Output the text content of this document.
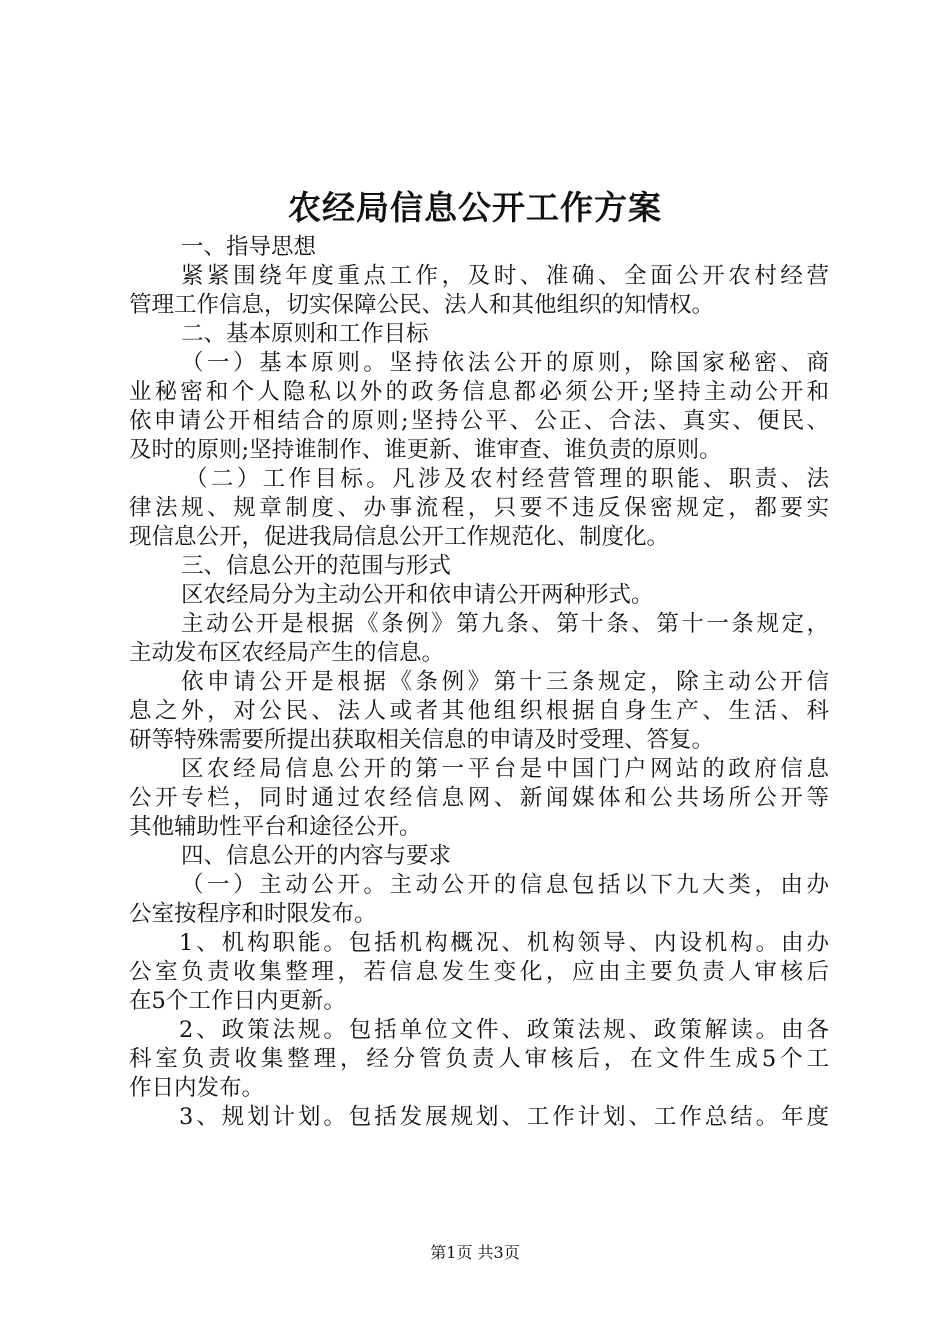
农经局信息公开工作方案
一、指导思想
紧紧围绕年度重点工作，及时、准确、全面公开农村经营
管理工作信息，切实保障公民、法人和其他组织的知情权。
二、基本原则和工作目标
（一）基本原则。坚持依法公开的原则，除国家秘密、商
业秘密和个人隐私以外的政务信息都必须公开;坚持主动公开和
依申请公开相结合的原则;坚持公平、公正、合法、真实、便民、
及时的原则;坚持谁制作、谁更新、谁审查、谁负责的原则。
（二）工作目标。凡涉及农村经营管理的职能、职责、法
律法规、规章制度、办事流程，只要不违反保密规定，都要实
现信息公开，促进我局信息公开工作规范化、制度化。
三、信息公开的范围与形式
区农经局分为主动公开和依申请公开两种形式。
主动公开是根据《条例》第九条、第十条、第十一条规定，
主动发布区农经局产生的信息。
依申请公开是根据《条例》第十三条规定，除主动公开信
息之外，对公民、法人或者其他组织根据自身生产、生活、科
研等特殊需要所提出获取相关信息的申请及时受理、答复。
区农经局信息公开的第一平台是中国门户网站的政府信息
公开专栏，同时通过农经信息网、新闻媒体和公共场所公开等
其他辅助性平台和途径公开。
四、信息公开的内容与要求
（一）主动公开。主动公开的信息包括以下九大类，由办
公室按程序和时限发布。
1、机构职能。包括机构概况、机构领导、内设机构。由办
公室负责收集整理，若信息发生变化，应由主要负责人审核后
在5个工作日内更新。
2、政策法规。包括单位文件、政策法规、政策解读。由各
科室负责收集整理，经分管负责人审核后，在文件生成5个工
作日内发布。
3、规划计划。包括发展规划、工作计划、工作总结。年度
第1页 共3页
